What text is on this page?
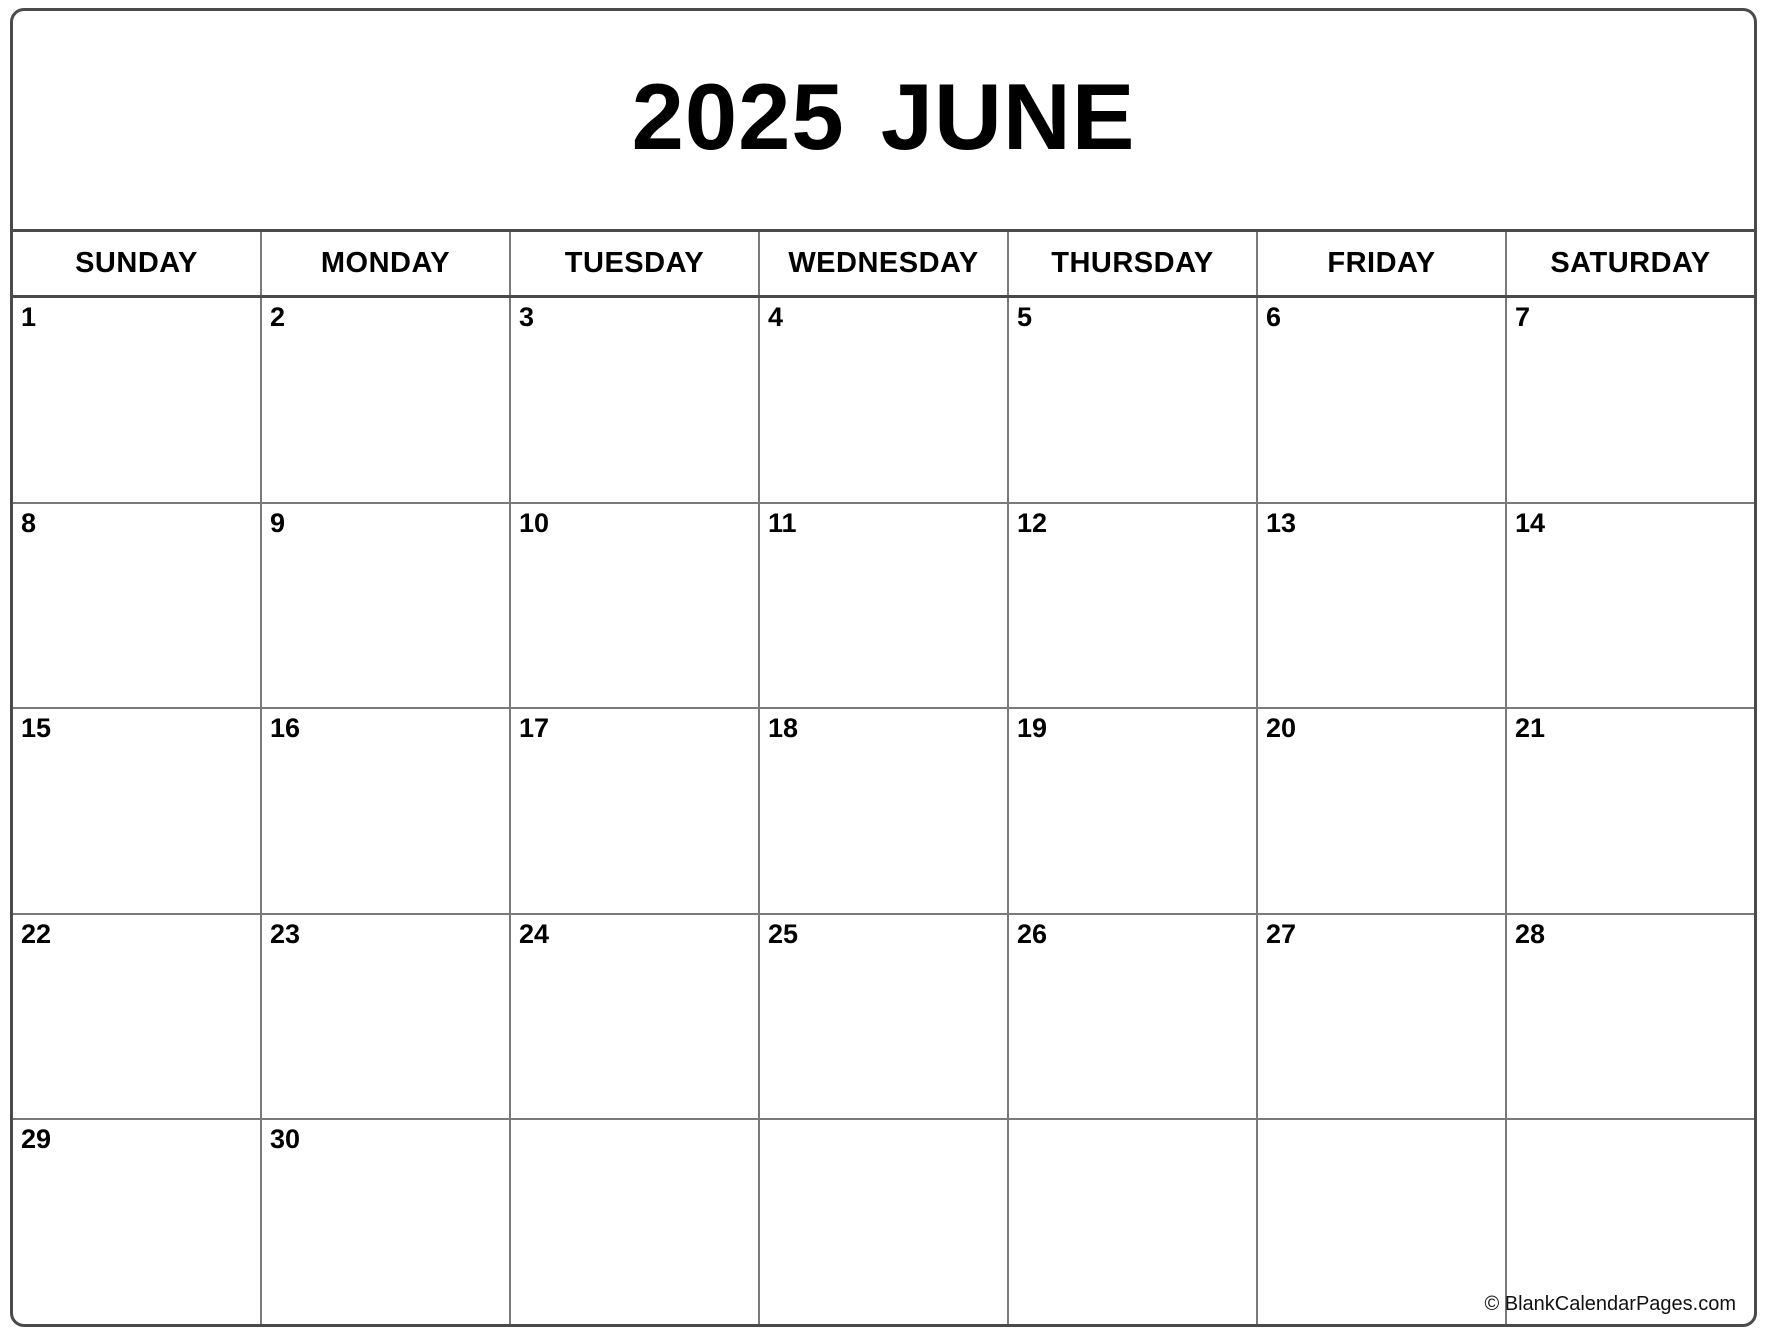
2025 JUNE
SUNDAY	MONDAY	TUESDAY	WEDNESDAY	THURSDAY	FRIDAY	SATURDAY
1	2	3	4	5	6	7
8	9	10	11	12	13	14
15	16	17	18	19	20	21
22	23	24	25	26	27	28
29	30
© BlankCalendarPages.com
